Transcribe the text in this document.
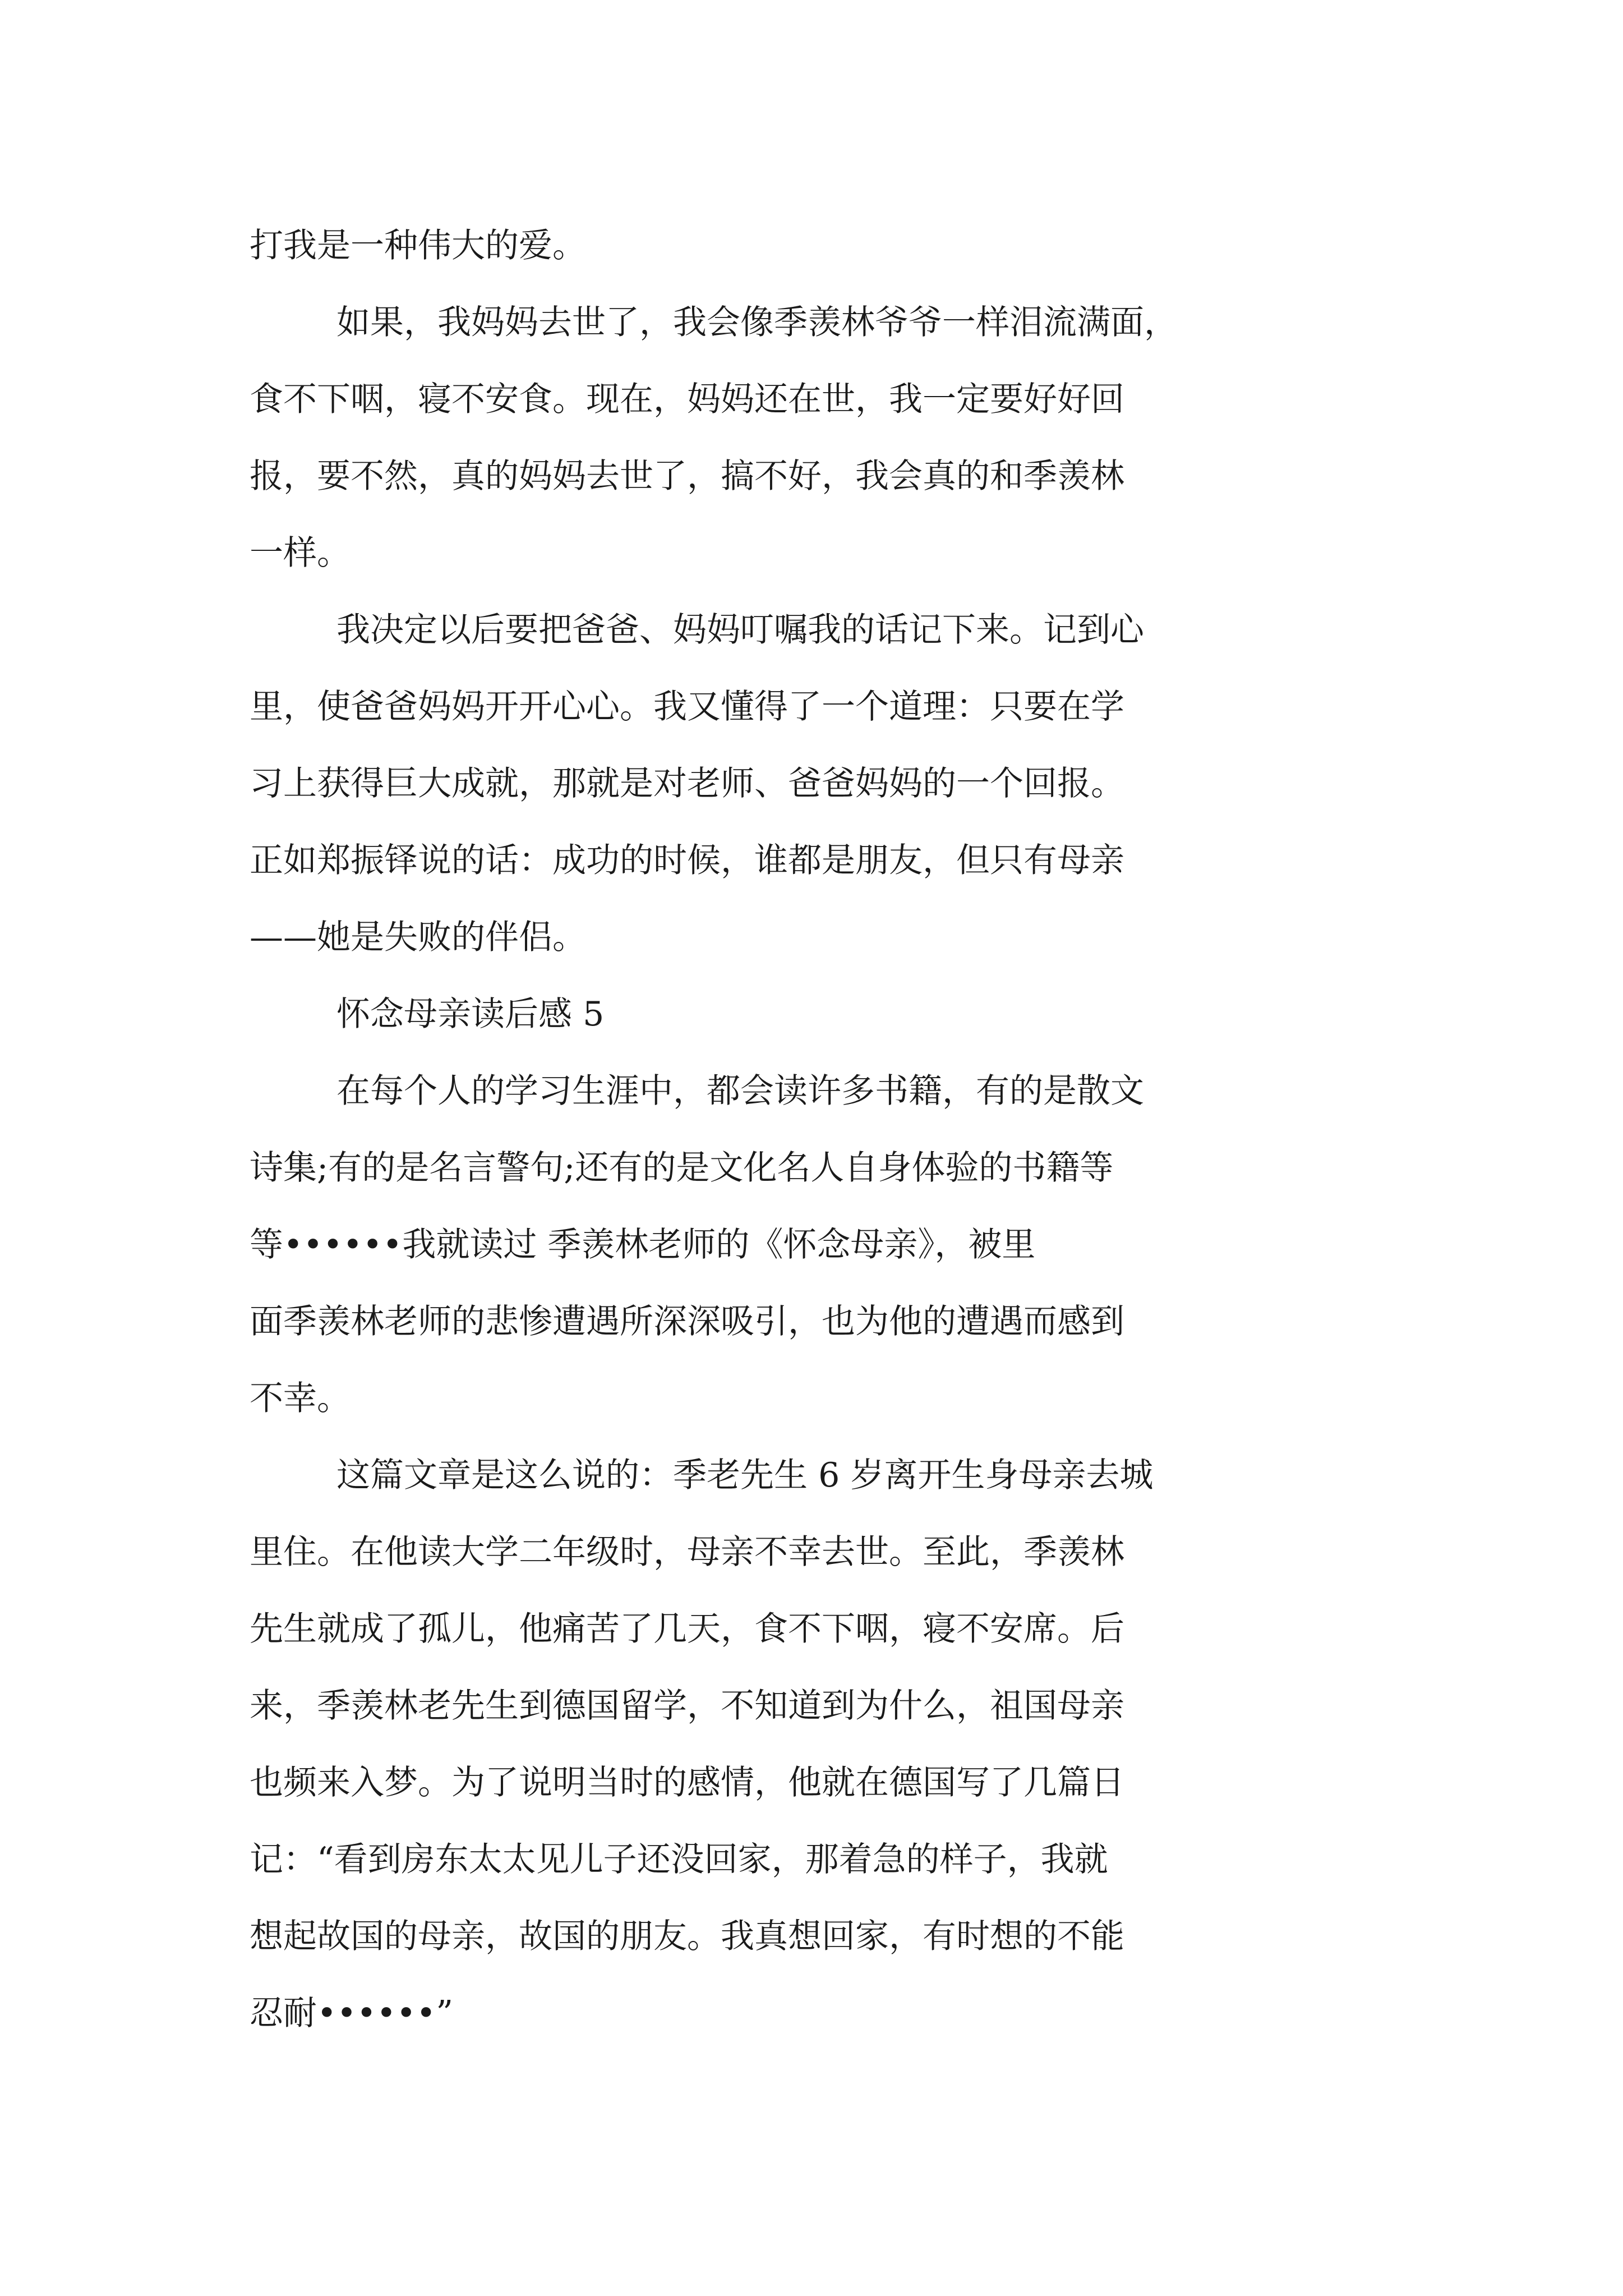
打我是一种伟大的爱。

如果，我妈妈去世了，我会像季羡林爷爷一样泪流满面，

食不下咽，寝不安食。现在，妈妈还在世，我一定要好好回

报，要不然，真的妈妈去世了，搞不好，我会真的和季羡林

一样。

我决定以后要把爸爸、妈妈叮嘱我的话记下来。记到心

里，使爸爸妈妈开开心心。我又懂得了一个道理：只要在学

习上获得巨大成就，那就是对老师、爸爸妈妈的一个回报。

正如郑振铎说的话：成功的时候，谁都是朋友，但只有母亲

——她是失败的伴侣。

怀念母亲读后感 5

在每个人的学习生涯中，都会读许多书籍，有的是散文

诗集;有的是名言警句;还有的是文化名人自身体验的书籍等

等••••••我就读过 季羡林老师的《怀念母亲》，被里

面季羡林老师的悲惨遭遇所深深吸引，也为他的遭遇而感到

不幸。

这篇文章是这么说的：季老先生 6 岁离开生身母亲去城

里住。在他读大学二年级时，母亲不幸去世。至此，季羡林

先生就成了孤儿，他痛苦了几天，食不下咽，寝不安席。后

来，季羡林老先生到德国留学，不知道到为什么，祖国母亲

也频来入梦。为了说明当时的感情，他就在德国写了几篇日

记：“看到房东太太见儿子还没回家，那着急的样子，我就

想起故国的母亲，故国的朋友。我真想回家，有时想的不能

忍耐••••••”
